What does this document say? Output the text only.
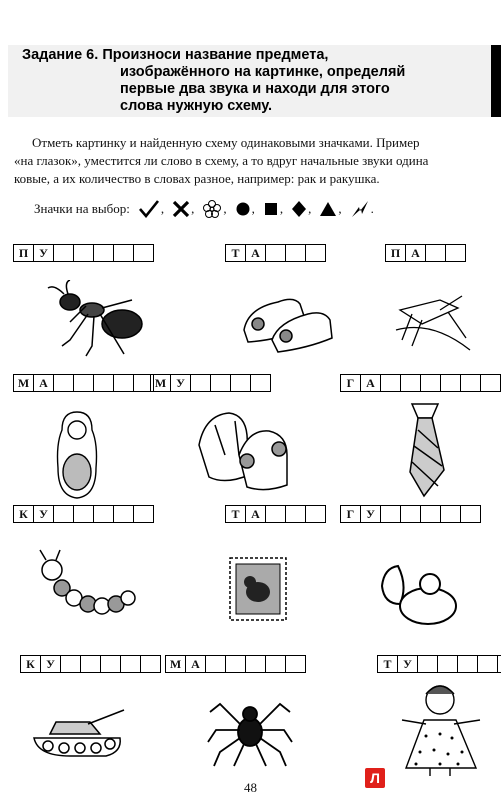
Задание 6. Произноси название предмета,
изображённого на картинке, определяй
первые два звука и находи для этого
слова нужную схему.
Отметь картинку и найденную схему одинаковыми значками. Пример
«на глазок», уместится ли слово в схему, а то вдруг начальные звуки одина
ковые, а их количество в словах разное, например: рак и ракушка.
Значки на выбор: , , , , , , , .
П У	Т А	П А
М А	М У	Г А
К У	Т А	Г У
К У	М А	Т У
Л
48
